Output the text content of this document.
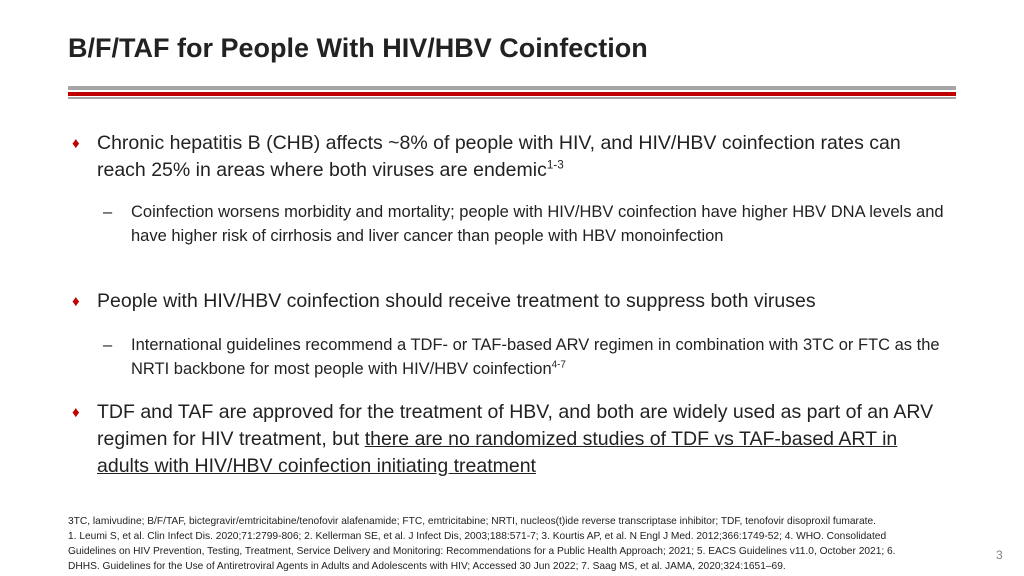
B/F/TAF for People With HIV/HBV Coinfection
♦ Chronic hepatitis B (CHB) affects ~8% of people with HIV, and HIV/HBV coinfection rates can reach 25% in areas where both viruses are endemic$^{1-3}$
– Coinfection worsens morbidity and mortality; people with HIV/HBV coinfection have higher HBV DNA levels and have higher risk of cirrhosis and liver cancer than people with HBV monoinfection
♦ People with HIV/HBV coinfection should receive treatment to suppress both viruses
– International guidelines recommend a TDF- or TAF-based ARV regimen in combination with 3TC or FTC as the NRTI backbone for most people with HIV/HBV coinfection$^{4-7}$
♦ TDF and TAF are approved for the treatment of HBV, and both are widely used as part of an ARV regimen for HIV treatment, but there are no randomized studies of TDF vs TAF-based ART in adults with HIV/HBV coinfection initiating treatment
3TC, lamivudine; B/F/TAF, bictegravir/emtricitabine/tenofovir alafenamide; FTC, emtricitabine; NRTI, nucleos(t)ide reverse transcriptase inhibitor; TDF, tenofovir disoproxil fumarate.
1. Leumi S, et al. Clin Infect Dis. 2020;71:2799-806; 2. Kellerman SE, et al. J Infect Dis, 2003;188:571-7; 3. Kourtis AP, et al. N Engl J Med. 2012;366:1749-52; 4. WHO. Consolidated
Guidelines on HIV Prevention, Testing, Treatment, Service Delivery and Monitoring: Recommendations for a Public Health Approach; 2021; 5. EACS Guidelines v11.0, October 2021; 6.
DHHS. Guidelines for the Use of Antiretroviral Agents in Adults and Adolescents with HIV; Accessed 30 Jun 2022; 7. Saag MS, et al. JAMA, 2020;324:1651–69.
3
